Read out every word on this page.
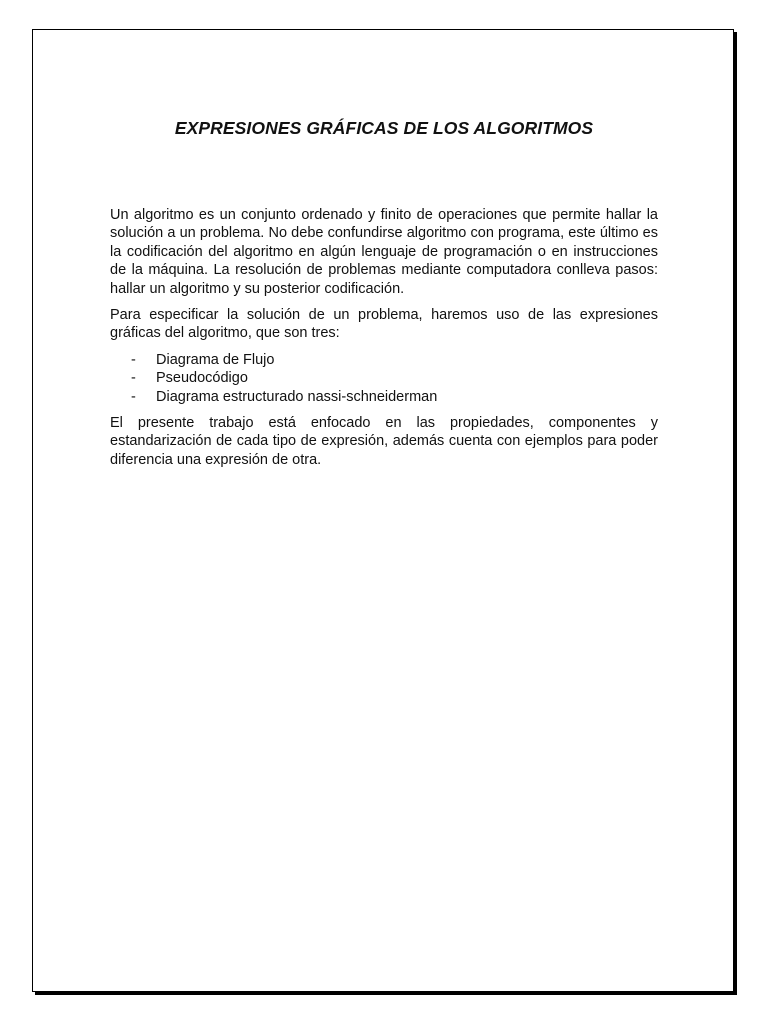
EXPRESIONES GRÁFICAS DE LOS ALGORITMOS

Un algoritmo es un conjunto ordenado y finito de operaciones que permite hallar la solución a un problema. No debe confundirse algoritmo con programa, este último es la codificación del algoritmo en algún lenguaje de programación o en instrucciones de la máquina. La resolución de problemas mediante computadora conlleva pasos: hallar un algoritmo y su posterior codificación.

Para especificar la solución de un problema, haremos uso de las expresiones gráficas del algoritmo, que son tres:

- Diagrama de Flujo
- Pseudocódigo
- Diagrama estructurado nassi-schneiderman

El presente trabajo está enfocado en las propiedades, componentes y estandarización de cada tipo de expresión, además cuenta con ejemplos para poder diferencia una expresión de otra.
